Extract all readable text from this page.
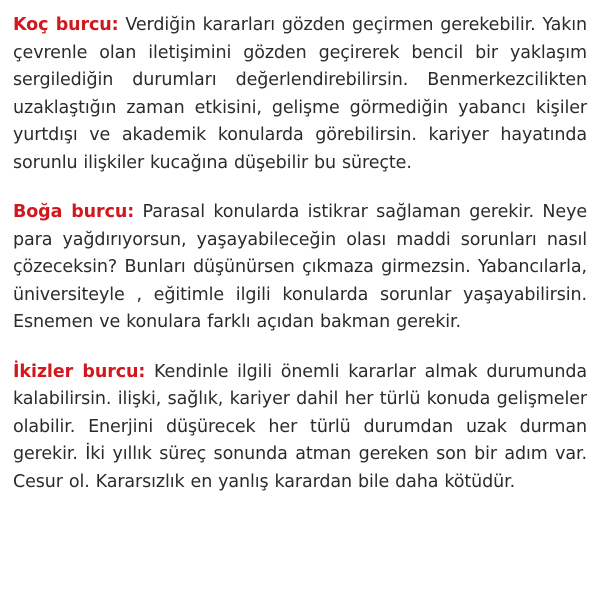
Koç burcu: Verdiğin kararları gözden geçirmen gerekebilir. Yakın çevrenle olan iletişimini gözden geçirerek bencil bir yaklaşım sergilediğin durumları değerlendirebilirsin. Benmerkezcilikten uzaklaştığın zaman etkisini, gelişme görmediğin yabancı kişiler yurtdışı ve akademik konularda görebilirsin. kariyer hayatında sorunlu ilişkiler kucağına düşebilir bu süreçte.

Boğa burcu: Parasal konularda istikrar sağlaman gerekir. Neye para yağdırıyorsun, yaşayabileceğin olası maddi sorunları nasıl çözeceksin? Bunları düşünürsen çıkmaza girmezsin. Yabancılarla, üniversiteyle , eğitimle ilgili konularda sorunlar yaşayabilirsin. Esnemen ve konulara farklı açıdan bakman gerekir.

İkizler burcu: Kendinle ilgili önemli kararlar almak durumunda kalabilirsin. ilişki, sağlık, kariyer dahil her türlü konuda gelişmeler olabilir. Enerjini düşürecek her türlü durumdan uzak durman gerekir. İki yıllık süreç sonunda atman gereken son bir adım var. Cesur ol. Kararsızlık en yanlış karardan bile daha kötüdür.
